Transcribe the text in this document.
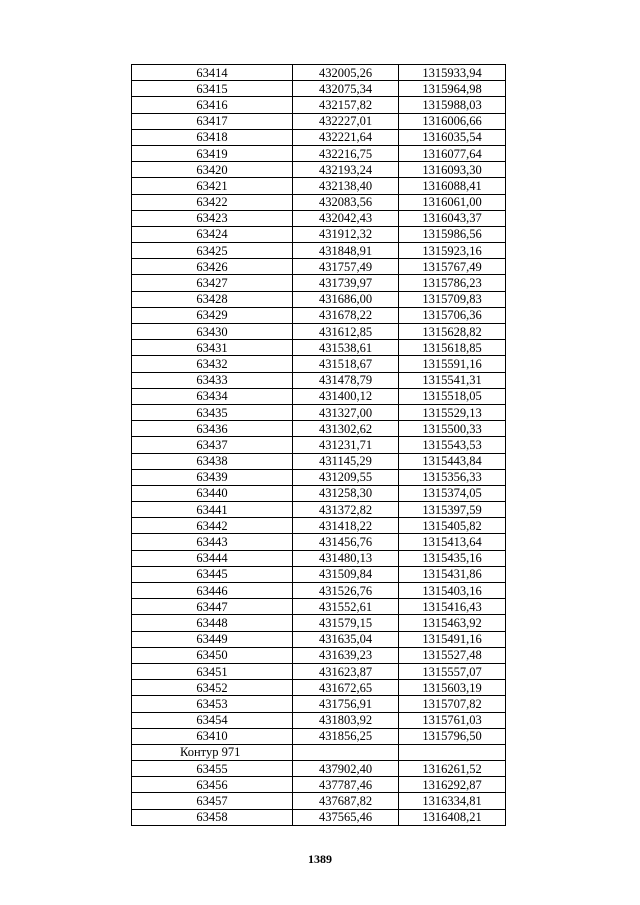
63414	432005,26	1315933,94
63415	432075,34	1315964,98
63416	432157,82	1315988,03
63417	432227,01	1316006,66
63418	432221,64	1316035,54
63419	432216,75	1316077,64
63420	432193,24	1316093,30
63421	432138,40	1316088,41
63422	432083,56	1316061,00
63423	432042,43	1316043,37
63424	431912,32	1315986,56
63425	431848,91	1315923,16
63426	431757,49	1315767,49
63427	431739,97	1315786,23
63428	431686,00	1315709,83
63429	431678,22	1315706,36
63430	431612,85	1315628,82
63431	431538,61	1315618,85
63432	431518,67	1315591,16
63433	431478,79	1315541,31
63434	431400,12	1315518,05
63435	431327,00	1315529,13
63436	431302,62	1315500,33
63437	431231,71	1315543,53
63438	431145,29	1315443,84
63439	431209,55	1315356,33
63440	431258,30	1315374,05
63441	431372,82	1315397,59
63442	431418,22	1315405,82
63443	431456,76	1315413,64
63444	431480,13	1315435,16
63445	431509,84	1315431,86
63446	431526,76	1315403,16
63447	431552,61	1315416,43
63448	431579,15	1315463,92
63449	431635,04	1315491,16
63450	431639,23	1315527,48
63451	431623,87	1315557,07
63452	431672,65	1315603,19
63453	431756,91	1315707,82
63454	431803,92	1315761,03
63410	431856,25	1315796,50
Контур 971		
63455	437902,40	1316261,52
63456	437787,46	1316292,87
63457	437687,82	1316334,81
63458	437565,46	1316408,21
1389
